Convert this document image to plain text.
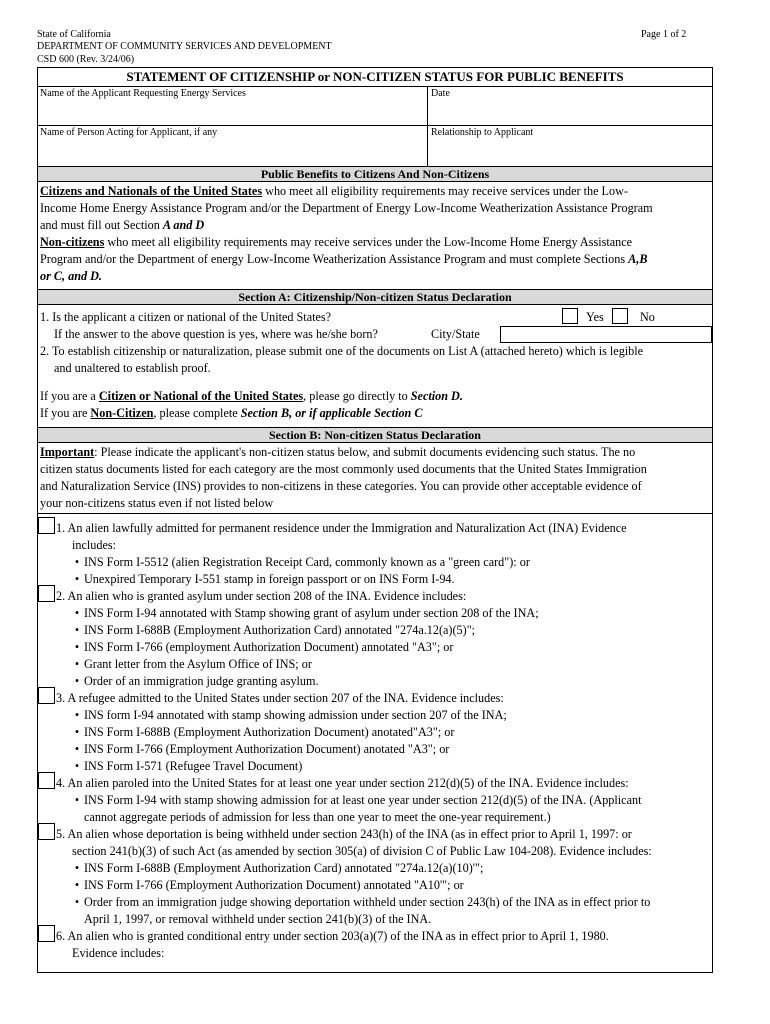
State of California
DEPARTMENT OF COMMUNITY SERVICES AND DEVELOPMENT
CSD 600 (Rev. 3/24/06)
Page 1 of 2
STATEMENT OF CITIZENSHIP or NON-CITIZEN STATUS FOR PUBLIC BENEFITS
Name of the Applicant Requesting Energy Services	Date
Name of Person Acting for Applicant, if any	Relationship to Applicant
Public Benefits to Citizens And Non-Citizens
Citizens and Nationals of the United States who meet all eligibility requirements may receive services under the Low-
Income Home Energy Assistance Program and/or the Department of Energy Low-Income Weatherization Assistance Program
and must fill out Section A and D
Non-citizens who meet all eligibility requirements may receive services under the Low-Income Home Energy Assistance
Program and/or the Department of energy Low-Income Weatherization Assistance Program and must complete Sections A,B
or C, and D.
Section A: Citizenship/Non-citizen Status Declaration
1. Is the applicant a citizen or national of the United States?	Yes	No
If the answer to the above question is yes, where was he/she born?	City/State
2. To establish citizenship or naturalization, please submit one of the documents on List A (attached hereto) which is legible
and unaltered to establish proof.
If you are a Citizen or National of the United States, please go directly to Section D.
If you are Non-Citizen, please complete Section B, or if applicable Section C
Section B: Non-citizen Status Declaration
Important: Please indicate the applicant's non-citizen status below, and submit documents evidencing such status. The no
citizen status documents listed for each category are the most commonly used documents that the United States Immigration
and Naturalization Service (INS) provides to non-citizens in these categories. You can provide other acceptable evidence of
your non-citizens status even if not listed below
1. An alien lawfully admitted for permanent residence under the Immigration and Naturalization Act (INA) Evidence
includes:
• INS Form I-5512 (alien Registration Receipt Card, commonly known as a "green card"): or
• Unexpired Temporary I-551 stamp in foreign passport or on INS Form I-94.
2. An alien who is granted asylum under section 208 of the INA. Evidence includes:
• INS Form I-94 annotated with Stamp showing grant of asylum under section 208 of the INA;
• INS Form I-688B (Employment Authorization Card) annotated "274a.12(a)(5)";
• INS Form I-766 (employment Authorization Document) annotated "A3"; or
• Grant letter from the Asylum Office of INS; or
• Order of an immigration judge granting asylum.
3. A refugee admitted to the United States under section 207 of the INA. Evidence includes:
• INS form I-94 annotated with stamp showing admission under section 207 of the INA;
• INS Form I-688B (Employment Authorization Document) anotated"A3"; or
• INS Form I-766 (Employment Authorization Document) anotated "A3"; or
• INS Form I-571 (Refugee Travel Document)
4. An alien paroled into the United States for at least one year under section 212(d)(5) of the INA. Evidence includes:
• INS Form I-94 with stamp showing admission for at least one year under section 212(d)(5) of the INA. (Applicant
cannot aggregate periods of admission for less than one year to meet the one-year requirement.)
5. An alien whose deportation is being withheld under section 243(h) of the INA (as in effect prior to April 1, 1997: or
section 241(b)(3) of such Act (as amended by section 305(a) of division C of Public Law 104-208). Evidence includes:
• INS Form I-688B (Employment Authorization Card) annotated "274a.12(a)(10)'";
• INS Form I-766 (Employment Authorization Document) annotated "A10'"; or
• Order from an immigration judge showing deportation withheld under section 243(h) of the INA as in effect prior to
April 1, 1997, or removal withheld under section 241(b)(3) of the INA.
6. An alien who is granted conditional entry under section 203(a)(7) of the INA as in effect prior to April 1, 1980.
Evidence includes:
